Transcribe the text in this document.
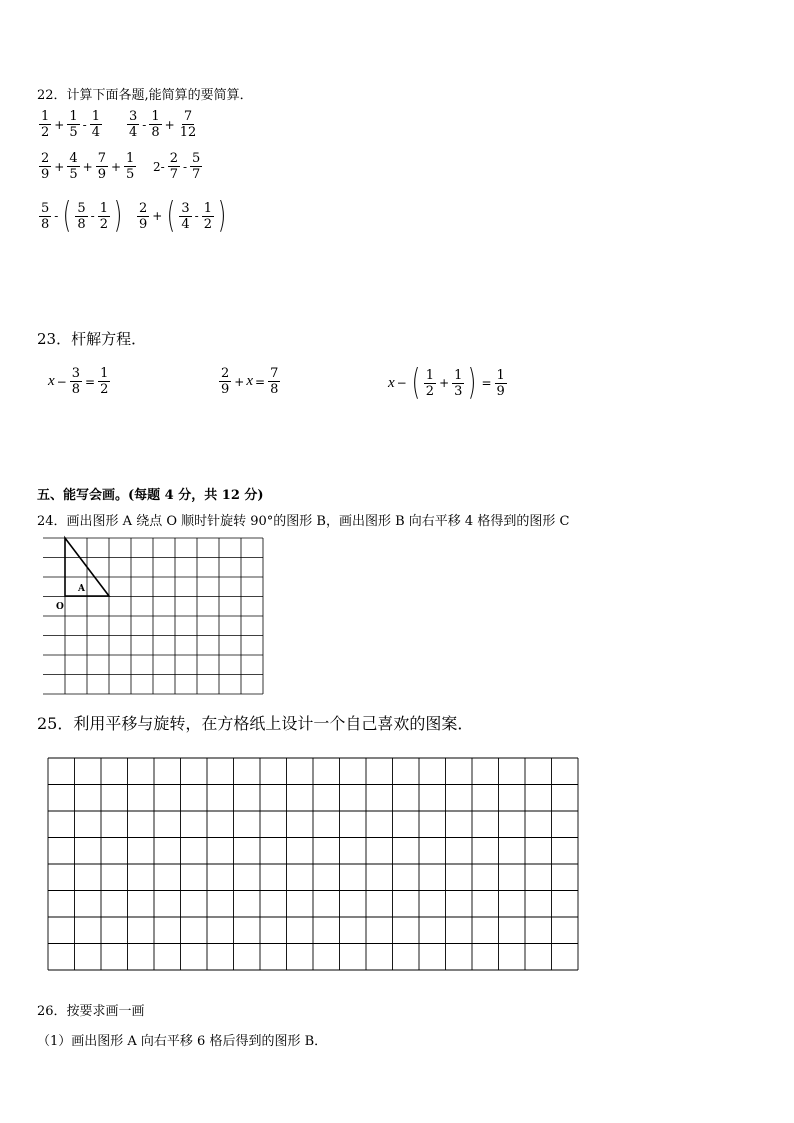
22．计算下面各题,能简算的要简算．
$\frac{1}{2} + \frac{1}{5} - \frac{1}{4} \frac{3}{4} - \frac{1}{8} + \frac{7}{12}$
$\frac{2}{9} + \frac{4}{5} + \frac{7}{9} + \frac{1}{5} 2- \frac{2}{7} - \frac{5}{7}$
$\frac{5}{8}$ - ( $\frac{5}{8} - \frac{1}{2}$ ) $\frac{2}{9}$ + ( $\frac{3}{4} - \frac{1}{2}$ )
23．杆解方程．
$x - \frac{3}{8} = \frac{1}{2}$	$\frac{2}{9} + x = \frac{7}{8}$	x − ( $\frac{1}{2} + \frac{1}{3}$ ) = $\frac{1}{9}$
五、能写会画。(每题 4 分，共 12 分)
24．画出图形 A 绕点 O 顺时针旋转 90°的图形 B，画出图形 B 向右平移 4 格得到的图形 C
A
O
25．利用平移与旋转，在方格纸上设计一个自己喜欢的图案．
26．按要求画一画
（1）画出图形 A 向右平移 6 格后得到的图形 B．
